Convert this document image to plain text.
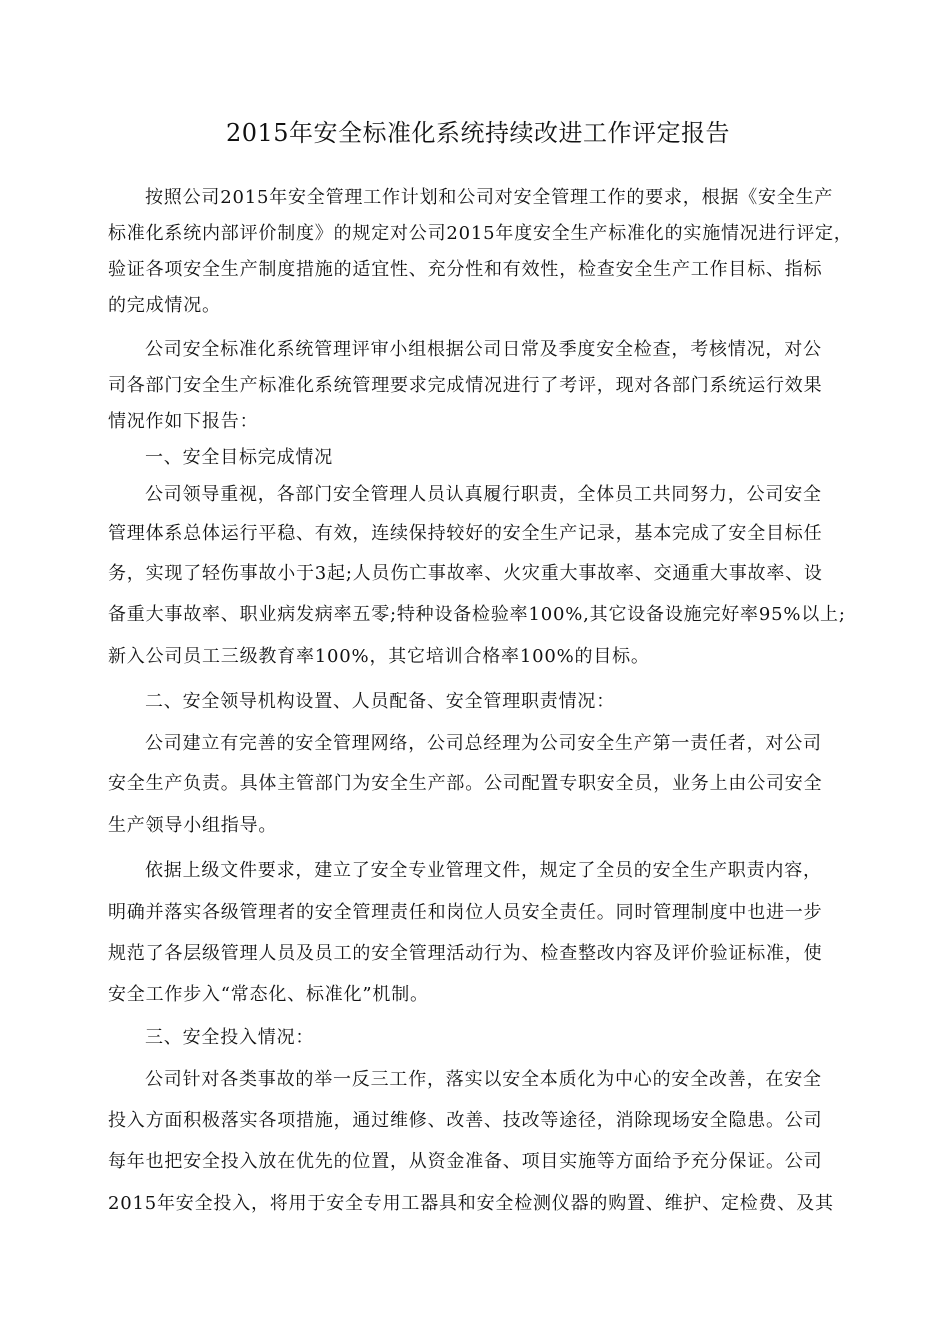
2015年安全标准化系统持续改进工作评定报告
按照公司2015年安全管理工作计划和公司对安全管理工作的要求，根据《安全生产
标准化系统内部评价制度》的规定对公司2015年度安全生产标准化的实施情况进行评定，
验证各项安全生产制度措施的适宜性、充分性和有效性，检查安全生产工作目标、指标
的完成情况。
公司安全标准化系统管理评审小组根据公司日常及季度安全检查，考核情况，对公
司各部门安全生产标准化系统管理要求完成情况进行了考评，现对各部门系统运行效果
情况作如下报告：
一、安全目标完成情况
公司领导重视，各部门安全管理人员认真履行职责，全体员工共同努力，公司安全
管理体系总体运行平稳、有效，连续保持较好的安全生产记录，基本完成了安全目标任
务，实现了轻伤事故小于3起;人员伤亡事故率、火灾重大事故率、交通重大事故率、设
备重大事故率、职业病发病率五零;特种设备检验率100%,其它设备设施完好率95%以上;
新入公司员工三级教育率100%，其它培训合格率100%的目标。
二、安全领导机构设置、人员配备、安全管理职责情况：
公司建立有完善的安全管理网络，公司总经理为公司安全生产第一责任者，对公司
安全生产负责。具体主管部门为安全生产部。公司配置专职安全员，业务上由公司安全
生产领导小组指导。
依据上级文件要求，建立了安全专业管理文件，规定了全员的安全生产职责内容，
明确并落实各级管理者的安全管理责任和岗位人员安全责任。同时管理制度中也进一步
规范了各层级管理人员及员工的安全管理活动行为、检查整改内容及评价验证标准，使
安全工作步入“常态化、标准化”机制。
三、安全投入情况：
公司针对各类事故的举一反三工作，落实以安全本质化为中心的安全改善，在安全
投入方面积极落实各项措施，通过维修、改善、技改等途径，消除现场安全隐患。公司
每年也把安全投入放在优先的位置，从资金准备、项目实施等方面给予充分保证。公司
2015年安全投入，将用于安全专用工器具和安全检测仪器的购置、维护、定检费、及其
